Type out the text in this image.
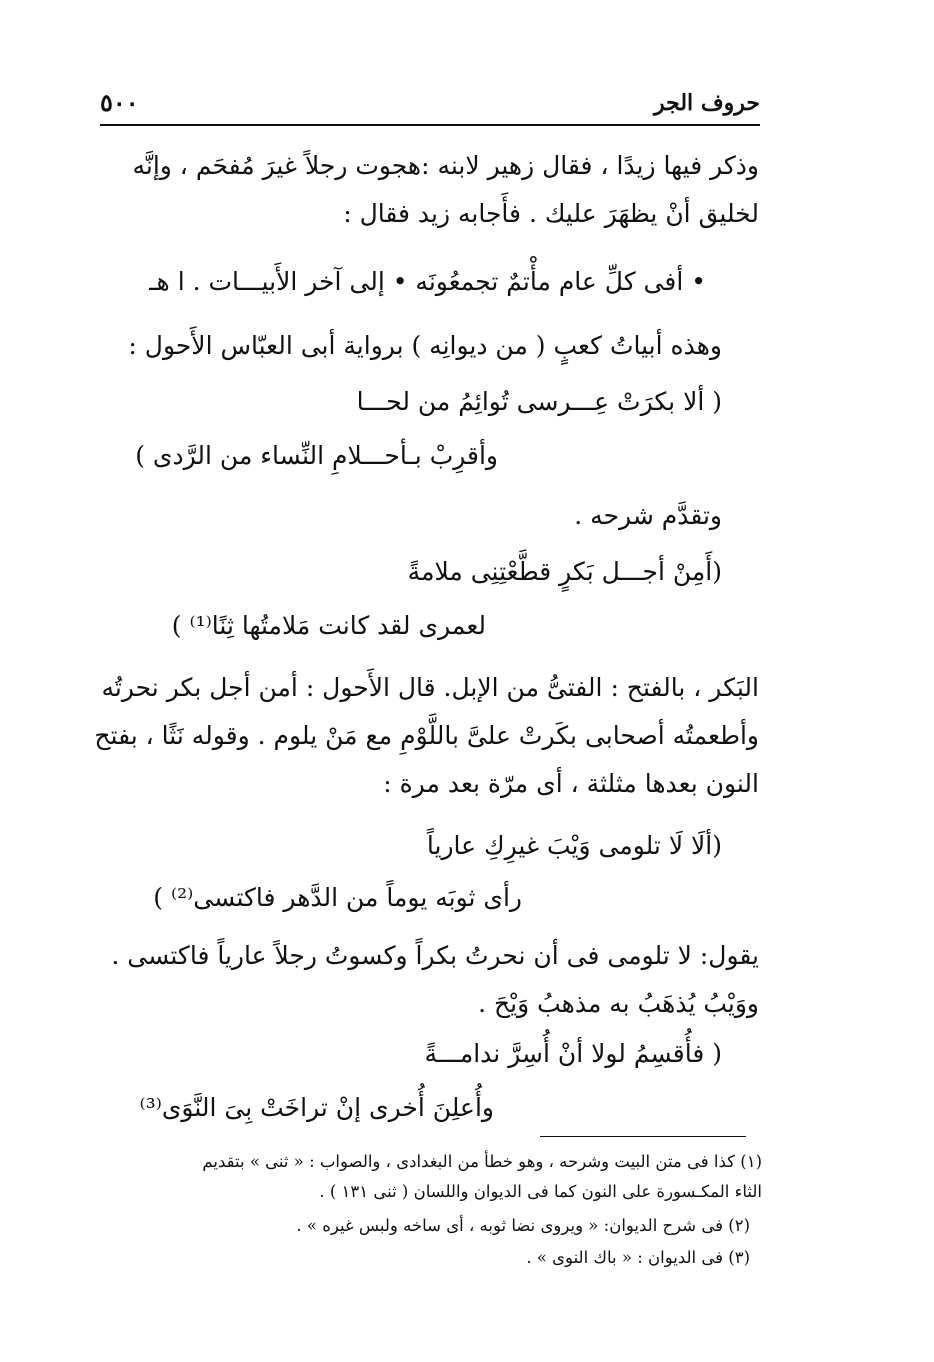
٥٠٠	حروف الجر
وذكر فيها زيدًا ، فقال زهير لابنه :هجوت رجلاً غيرَ مُفحَم ، وإنَّه
لخليق أنْ يظهَرَ عليك . فأَجابه زيد فقال :
• أفى كلِّ عام مأْتمٌ تجمعُونَه • إلى آخر الأَبيـــات . ا هـ
وهذه أبياتُ كعبٍ ( من ديوانِه ) برواية أبى العبّاس الأَحول :
( ألا بكرَتْ عِـــرسى تُوائِمُ من لحـــا
وأقرِبْ بـأحـــلامِ النِّساء من الرَّدى )
وتقدَّم شرحه .
(أَمِنْ أجـــل بَكرٍ قطَّعْتِنِى ملامةً
لعمرى لقد كانت مَلامتُها ثِنًا⁽¹⁾ )
البَكر ، بالفتح : الفتىُّ من الإبل. قال الأَحول : أمن أجل بكر نحرتُه
وأطعمتُه أصحابى بكَرتْ علىَّ باللَّوْمِ مع مَنْ يلوم . وقوله نَثًا ، بفتح
النون بعدها مثلثة ، أى مرّة بعد مرة :
(ألَا لَا تلومى وَيْبَ غيرِكِ عارياً
رأى ثوبَه يوماً من الدَّهر فاكتسى⁽²⁾ )
يقول: لا تلومى فى أن نحرتُ بكراً وكسوتُ رجلاً عارياً فاكتسى .
ووَيْبُ يُذهَبُ به مذهبُ وَيْحَ .
( فأُقسِمُ لولا أنْ أُسِرَّ ندامـــةً
وأُعلِنَ أُخرى إنْ تراخَتْ بِىَ النَّوَى⁽³⁾
(١) كذا فى متن البيت وشرحه ، وهو خطأ من البغدادى ، والصواب : « ثنى » بتقديم
الثاء المكـسورة على النون كما فى الديوان واللسان ( ثنى ١٣١ ) .
(٢) فى شرح الديوان: « ويروى نضا ثوبه ، أى ساخه ولبس غيره » .
(٣) فى الديوان : « باك النوى » .
